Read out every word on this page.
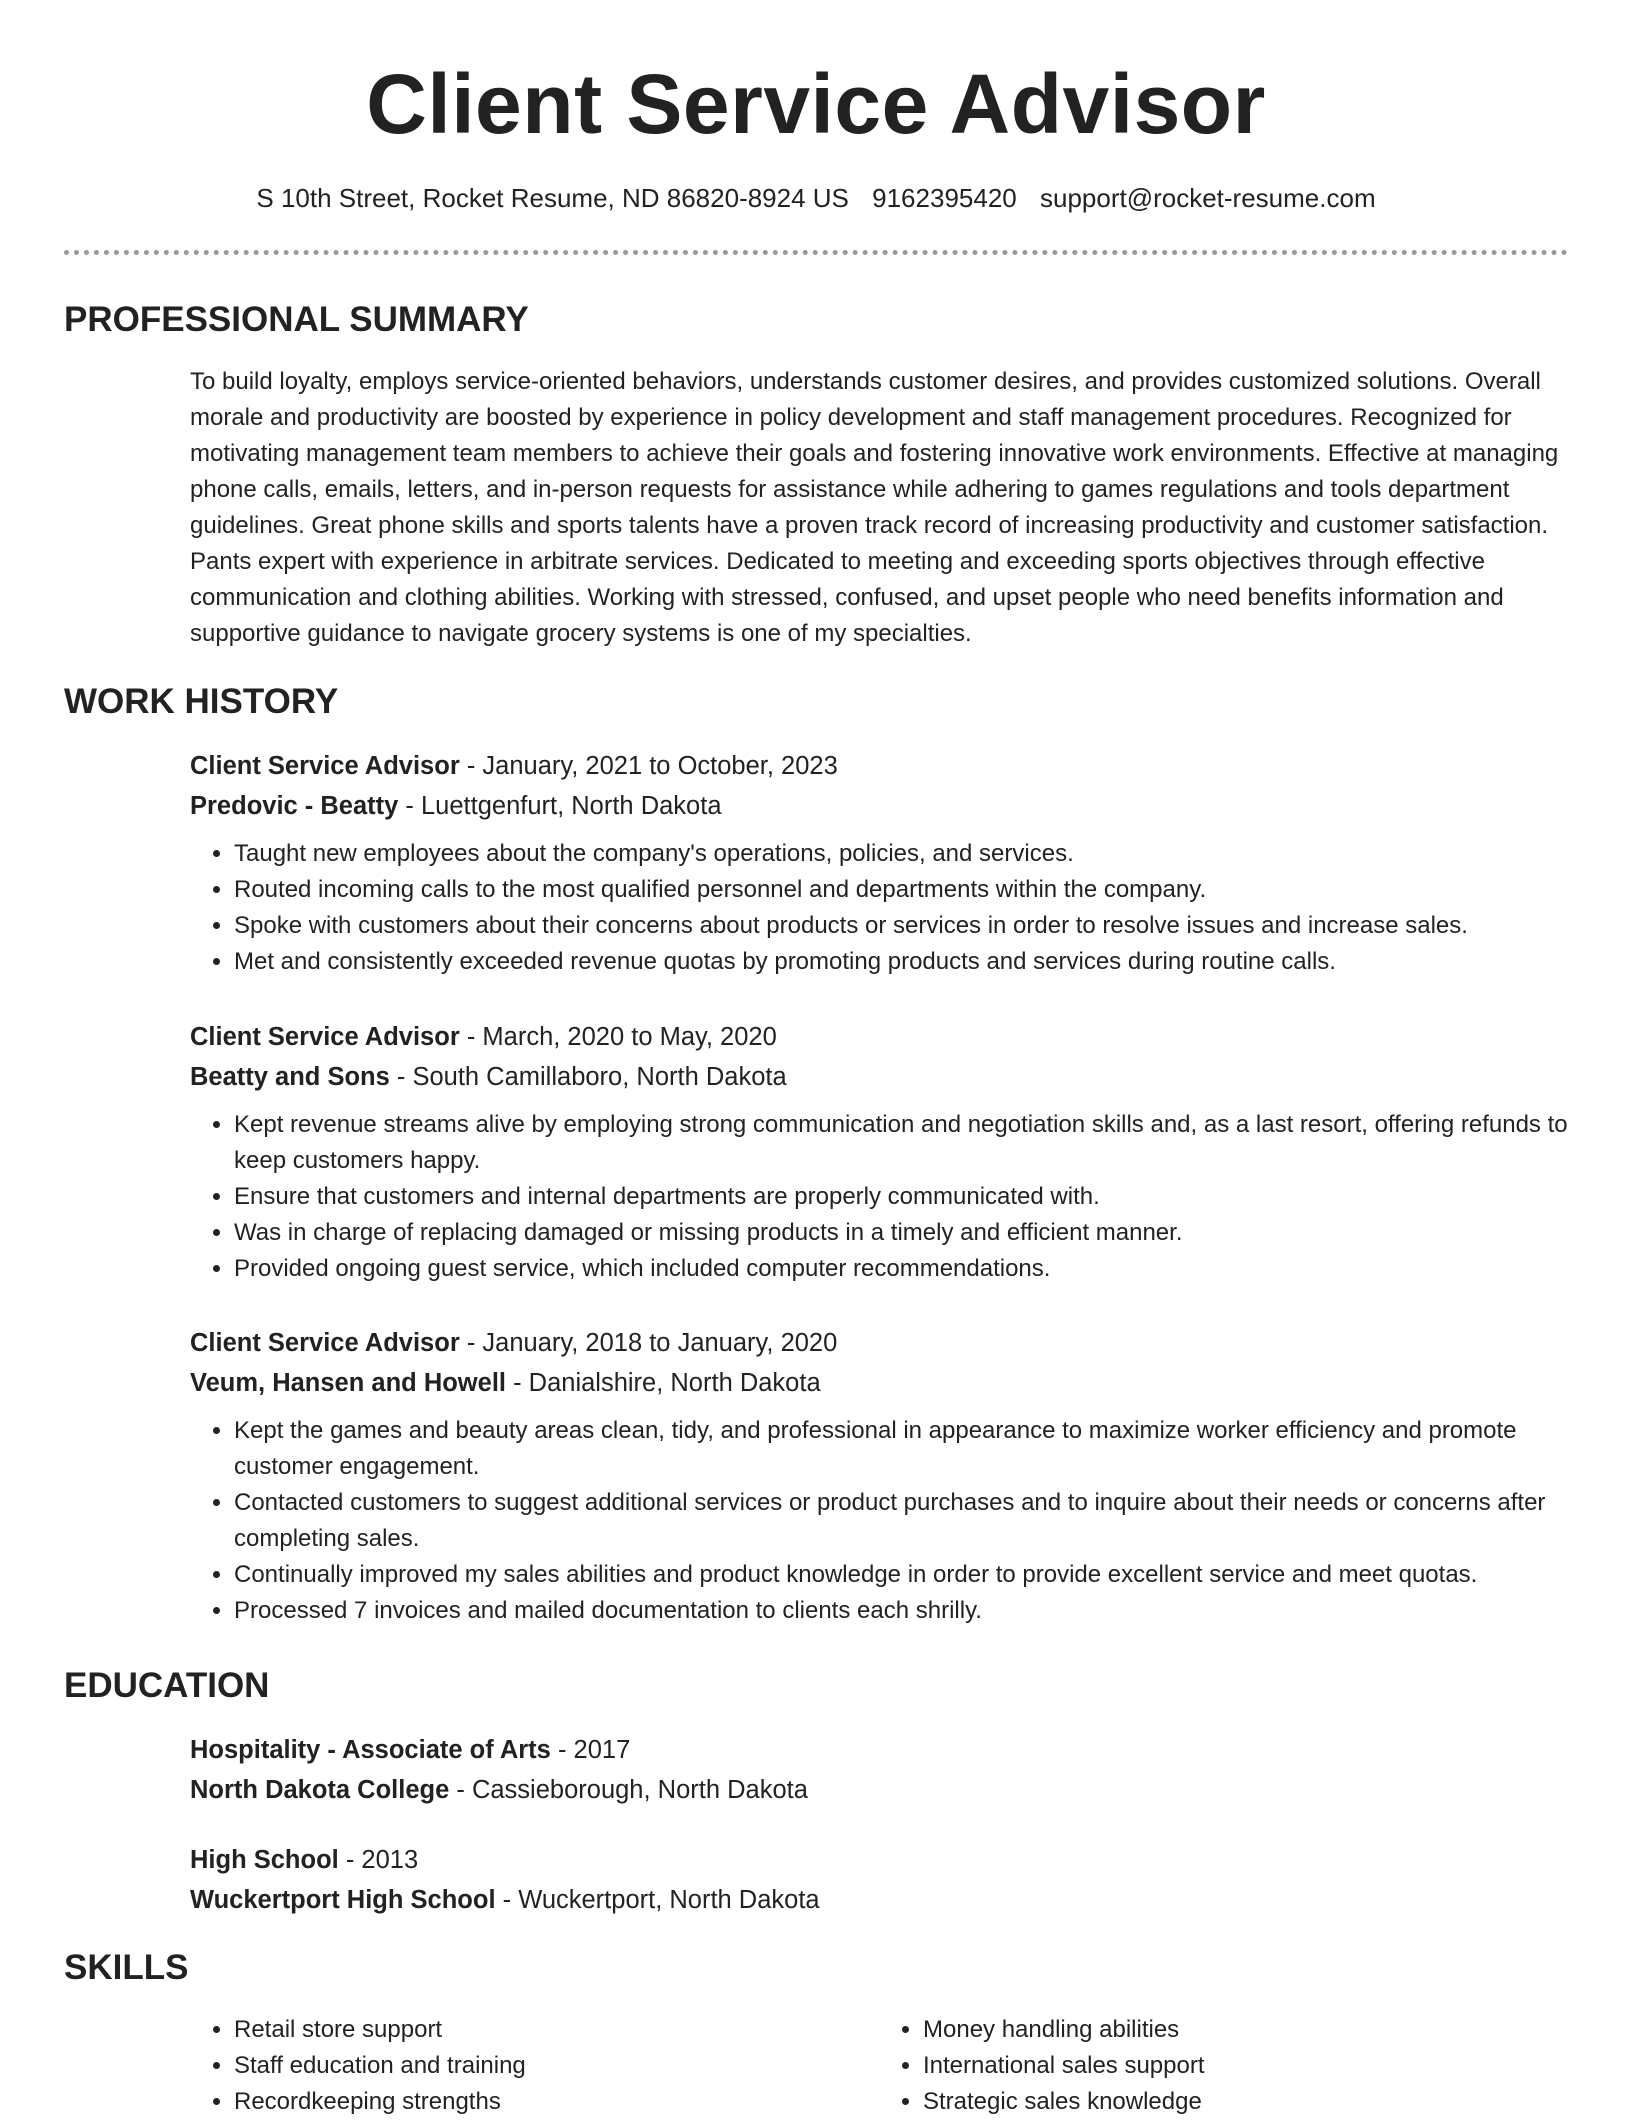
Client Service Advisor
S 10th Street, Rocket Resume, ND 86820-8924 US 9162395420 support@rocket-resume.com
PROFESSIONAL SUMMARY

To build loyalty, employs service-oriented behaviors, understands customer desires, and provides customized solutions. Overall morale and productivity are boosted by experience in policy development and staff management procedures. Recognized for motivating management team members to achieve their goals and fostering innovative work environments. Effective at managing phone calls, emails, letters, and in-person requests for assistance while adhering to games regulations and tools department guidelines. Great phone skills and sports talents have a proven track record of increasing productivity and customer satisfaction. Pants expert with experience in arbitrate services. Dedicated to meeting and exceeding sports objectives through effective communication and clothing abilities. Working with stressed, confused, and upset people who need benefits information and supportive guidance to navigate grocery systems is one of my specialties.

WORK HISTORY
Client Service Advisor - January, 2021 to October, 2023
Predovic - Beatty - Luettgenfurt, North Dakota
• Taught new employees about the company's operations, policies, and services.
• Routed incoming calls to the most qualified personnel and departments within the company.
• Spoke with customers about their concerns about products or services in order to resolve issues and increase sales.
• Met and consistently exceeded revenue quotas by promoting products and services during routine calls.
Client Service Advisor - March, 2020 to May, 2020
Beatty and Sons - South Camillaboro, North Dakota
• Kept revenue streams alive by employing strong communication and negotiation skills and, as a last resort, offering refunds to keep customers happy.
• Ensure that customers and internal departments are properly communicated with.
• Was in charge of replacing damaged or missing products in a timely and efficient manner.
• Provided ongoing guest service, which included computer recommendations.
Client Service Advisor - January, 2018 to January, 2020
Veum, Hansen and Howell - Danialshire, North Dakota
• Kept the games and beauty areas clean, tidy, and professional in appearance to maximize worker efficiency and promote customer engagement.
• Contacted customers to suggest additional services or product purchases and to inquire about their needs or concerns after completing sales.
• Continually improved my sales abilities and product knowledge in order to provide excellent service and meet quotas.
• Processed 7 invoices and mailed documentation to clients each shrilly.
EDUCATION
Hospitality - Associate of Arts - 2017
North Dakota College - Cassieborough, North Dakota
High School - 2013
Wuckertport High School - Wuckertport, North Dakota
SKILLS
• Retail store support
• Staff education and training
• Recordkeeping strengths
• Money handling abilities
• International sales support
• Strategic sales knowledge
